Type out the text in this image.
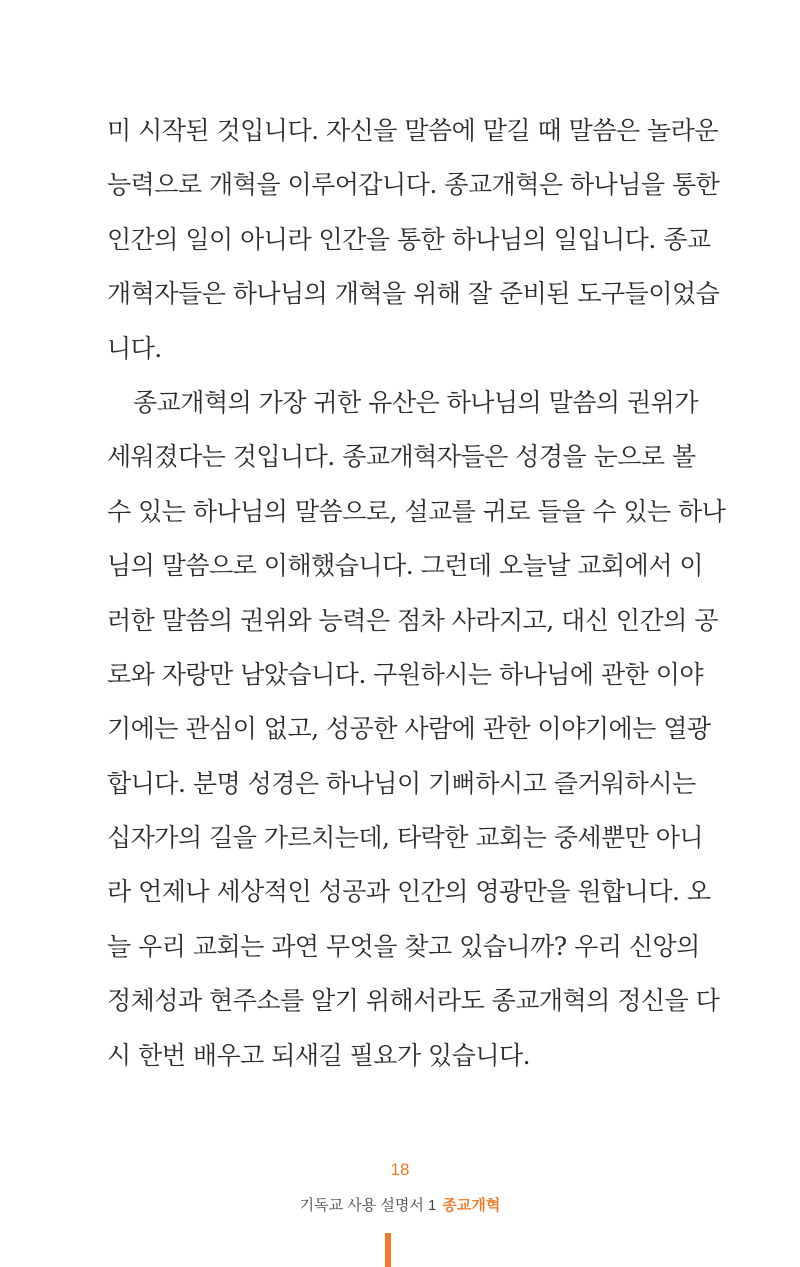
미 시작된 것입니다. 자신을 말씀에 맡길 때 말씀은 놀라운
능력으로 개혁을 이루어갑니다. 종교개혁은 하나님을 통한
인간의 일이 아니라 인간을 통한 하나님의 일입니다. 종교
개혁자들은 하나님의 개혁을 위해 잘 준비된 도구들이었습
니다.
종교개혁의 가장 귀한 유산은 하나님의 말씀의 권위가
세워졌다는 것입니다. 종교개혁자들은 성경을 눈으로 볼
수 있는 하나님의 말씀으로, 설교를 귀로 들을 수 있는 하나
님의 말씀으로 이해했습니다. 그런데 오늘날 교회에서 이
러한 말씀의 권위와 능력은 점차 사라지고, 대신 인간의 공
로와 자랑만 남았습니다. 구원하시는 하나님에 관한 이야
기에는 관심이 없고, 성공한 사람에 관한 이야기에는 열광
합니다. 분명 성경은 하나님이 기뻐하시고 즐거워하시는
십자가의 길을 가르치는데, 타락한 교회는 중세뿐만 아니
라 언제나 세상적인 성공과 인간의 영광만을 원합니다. 오
늘 우리 교회는 과연 무엇을 찾고 있습니까? 우리 신앙의
정체성과 현주소를 알기 위해서라도 종교개혁의 정신을 다
시 한번 배우고 되새길 필요가 있습니다.
18
기독교 사용 설명서 1 종교개혁
